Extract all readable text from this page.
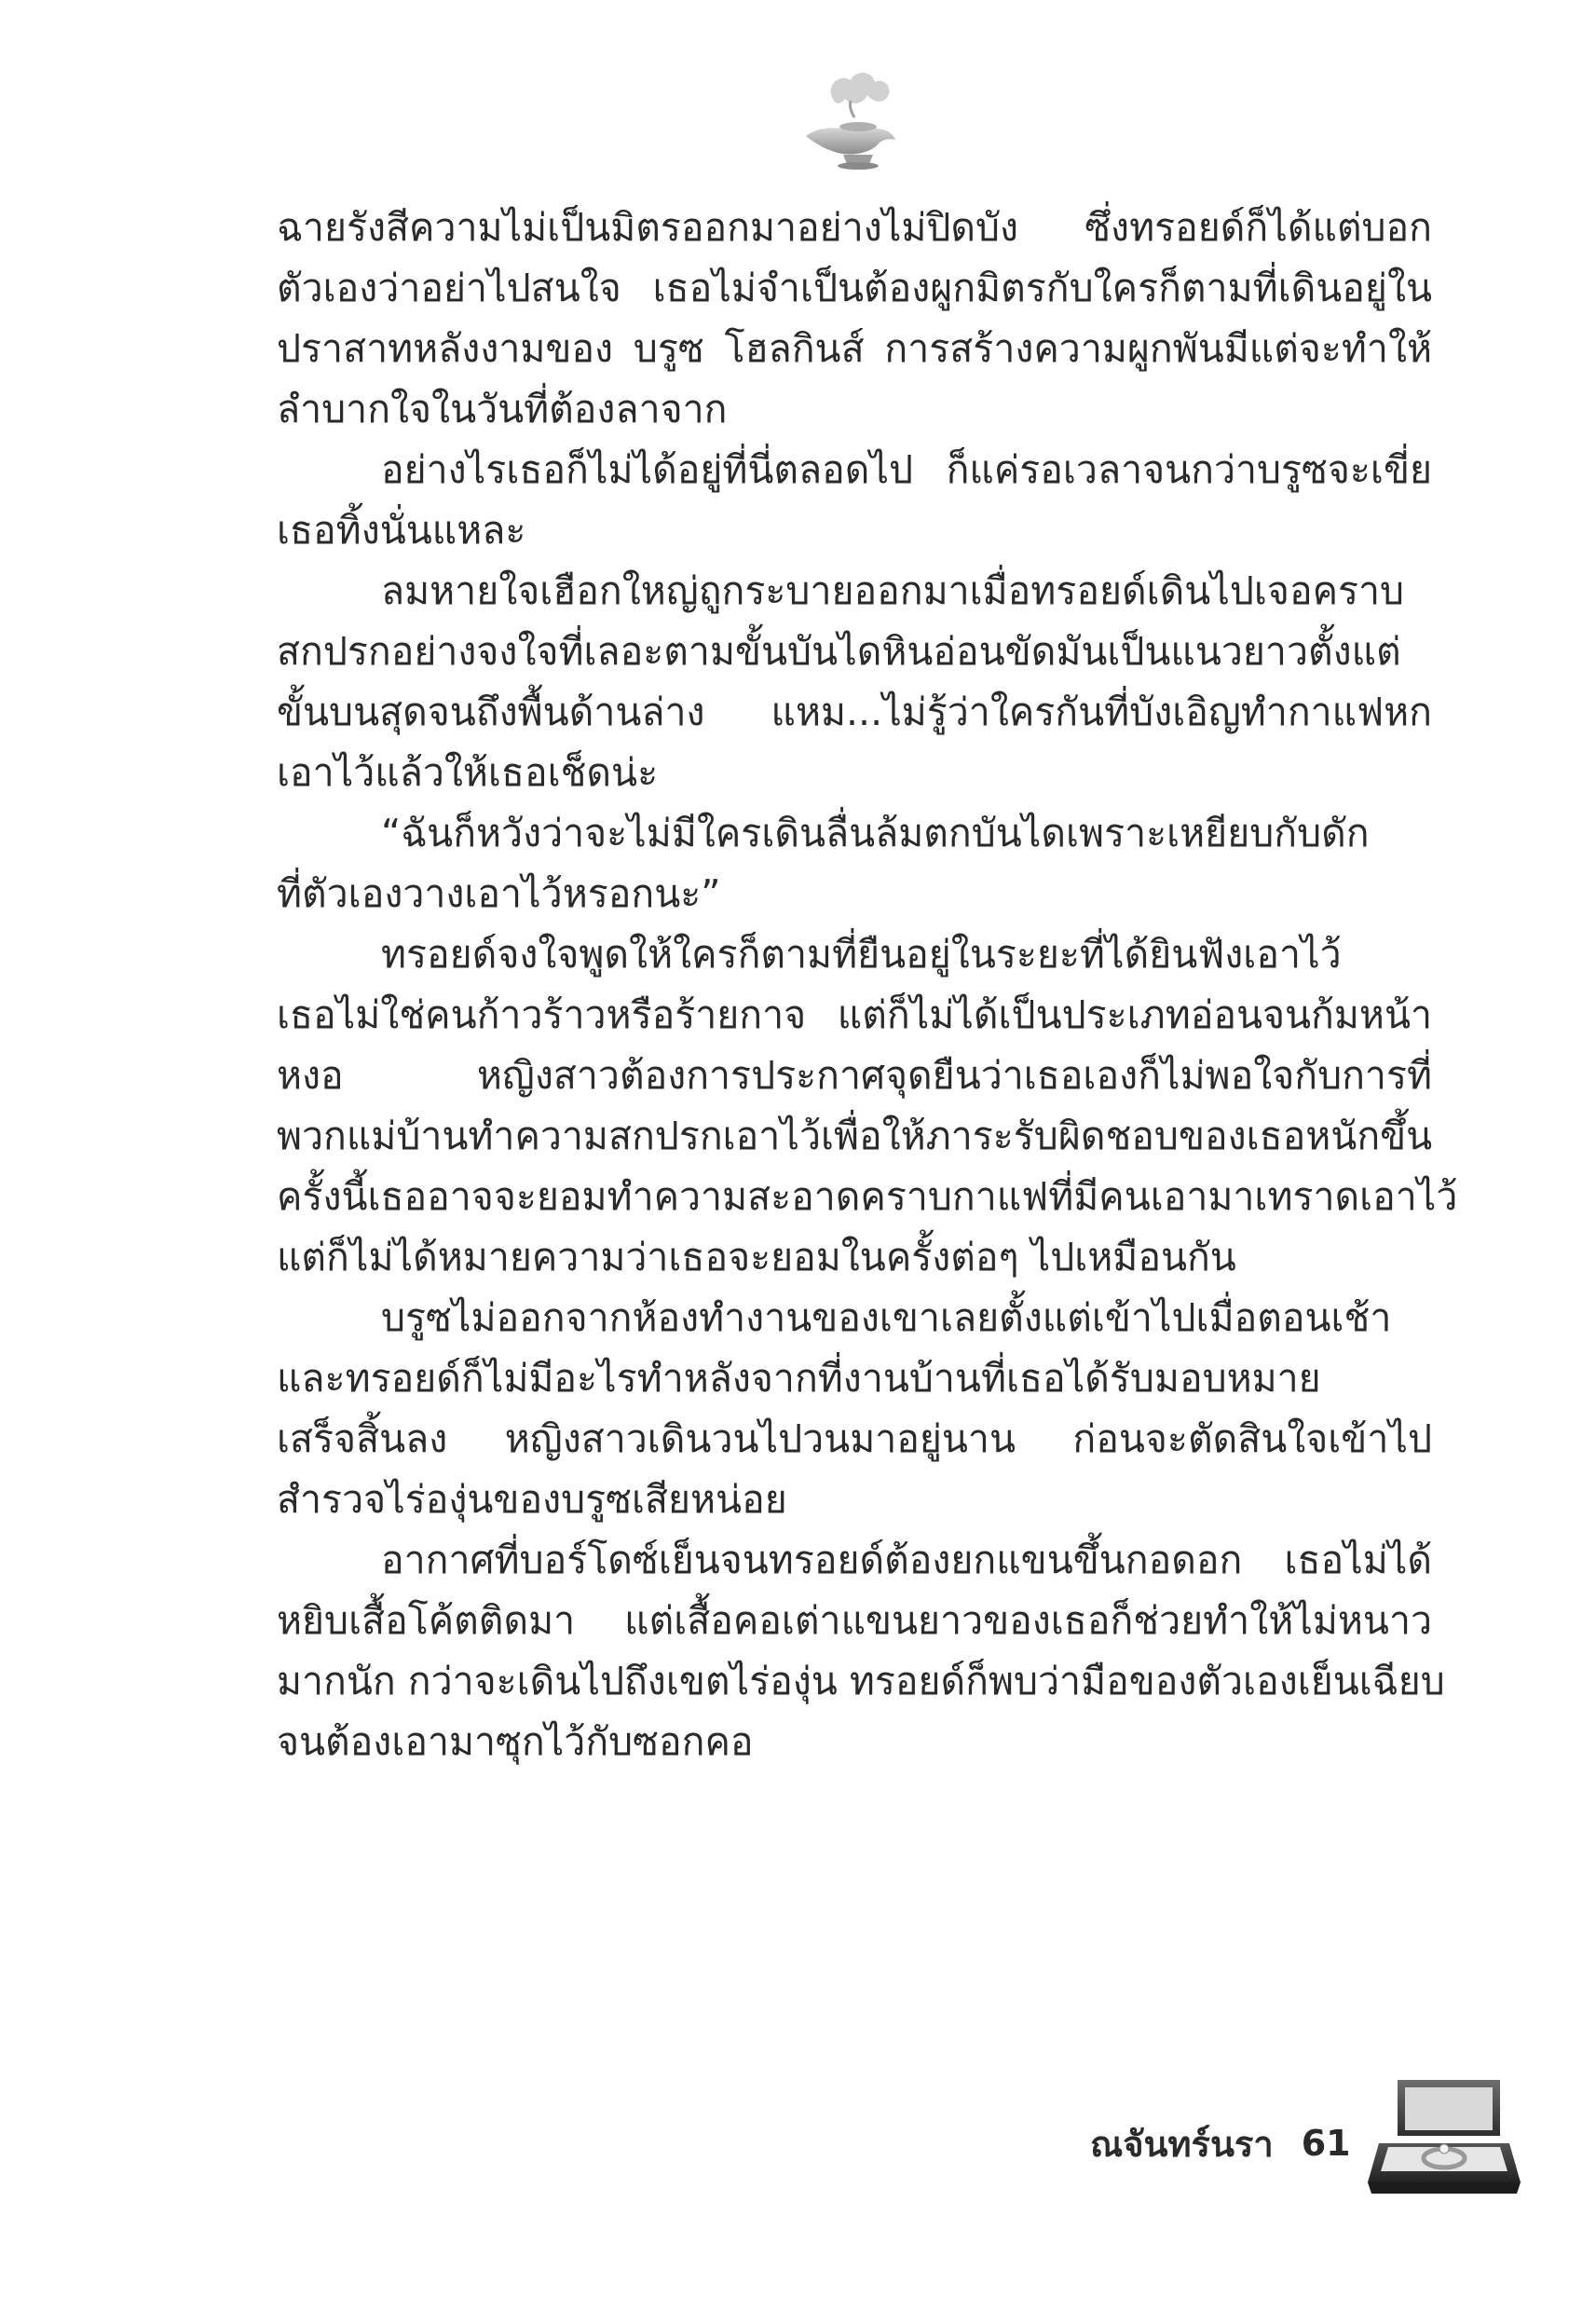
ฉายรังสีความไม่เป็นมิตรออกมาอย่างไม่ปิดบัง ซึ่งทรอยด์ก็ได้แต่บอก
ตัวเองว่าอย่าไปสนใจ เธอไม่จำเป็นต้องผูกมิตรกับใครก็ตามที่เดินอยู่ใน
ปราสาทหลังงามของ บรูซ โฮลกินส์ การสร้างความผูกพันมีแต่จะทำให้
ลำบากใจในวันที่ต้องลาจาก
อย่างไรเธอก็ไม่ได้อยู่ที่นี่ตลอดไป ก็แค่รอเวลาจนกว่าบรูซจะเขี่ย
เธอทิ้งนั่นแหละ
ลมหายใจเฮือกใหญ่ถูกระบายออกมาเมื่อทรอยด์เดินไปเจอคราบ
สกปรกอย่างจงใจที่เลอะตามขั้นบันไดหินอ่อนขัดมันเป็นแนวยาวตั้งแต่
ขั้นบนสุดจนถึงพื้นด้านล่าง แหม...ไม่รู้ว่าใครกันที่บังเอิญทำกาแฟหก
เอาไว้แล้วให้เธอเช็ดน่ะ
“ฉันก็หวังว่าจะไม่มีใครเดินลื่นล้มตกบันไดเพราะเหยียบกับดัก
ที่ตัวเองวางเอาไว้หรอกนะ”
ทรอยด์จงใจพูดให้ใครก็ตามที่ยืนอยู่ในระยะที่ได้ยินฟังเอาไว้
เธอไม่ใช่คนก้าวร้าวหรือร้ายกาจ แต่ก็ไม่ได้เป็นประเภทอ่อนจนก้มหน้า
หงอ หญิงสาวต้องการประกาศจุดยืนว่าเธอเองก็ไม่พอใจกับการที่
พวกแม่บ้านทำความสกปรกเอาไว้เพื่อให้ภาระรับผิดชอบของเธอหนักขึ้น
ครั้งนี้เธออาจจะยอมทำความสะอาดคราบกาแฟที่มีคนเอามาเทราดเอาไว้
แต่ก็ไม่ได้หมายความว่าเธอจะยอมในครั้งต่อๆ ไปเหมือนกัน
บรูซไม่ออกจากห้องทำงานของเขาเลยตั้งแต่เข้าไปเมื่อตอนเช้า
และทรอยด์ก็ไม่มีอะไรทำหลังจากที่งานบ้านที่เธอได้รับมอบหมาย
เสร็จสิ้นลง หญิงสาวเดินวนไปวนมาอยู่นาน ก่อนจะตัดสินใจเข้าไป
สำรวจไร่องุ่นของบรูซเสียหน่อย
อากาศที่บอร์โดซ์เย็นจนทรอยด์ต้องยกแขนขึ้นกอดอก เธอไม่ได้
หยิบเสื้อโค้ตติดมา แต่เสื้อคอเต่าแขนยาวของเธอก็ช่วยทำให้ไม่หนาว
มากนัก กว่าจะเดินไปถึงเขตไร่องุ่น ทรอยด์ก็พบว่ามือของตัวเองเย็นเฉียบ
จนต้องเอามาซุกไว้กับซอกคอ
ณจันทร์นรา 61
